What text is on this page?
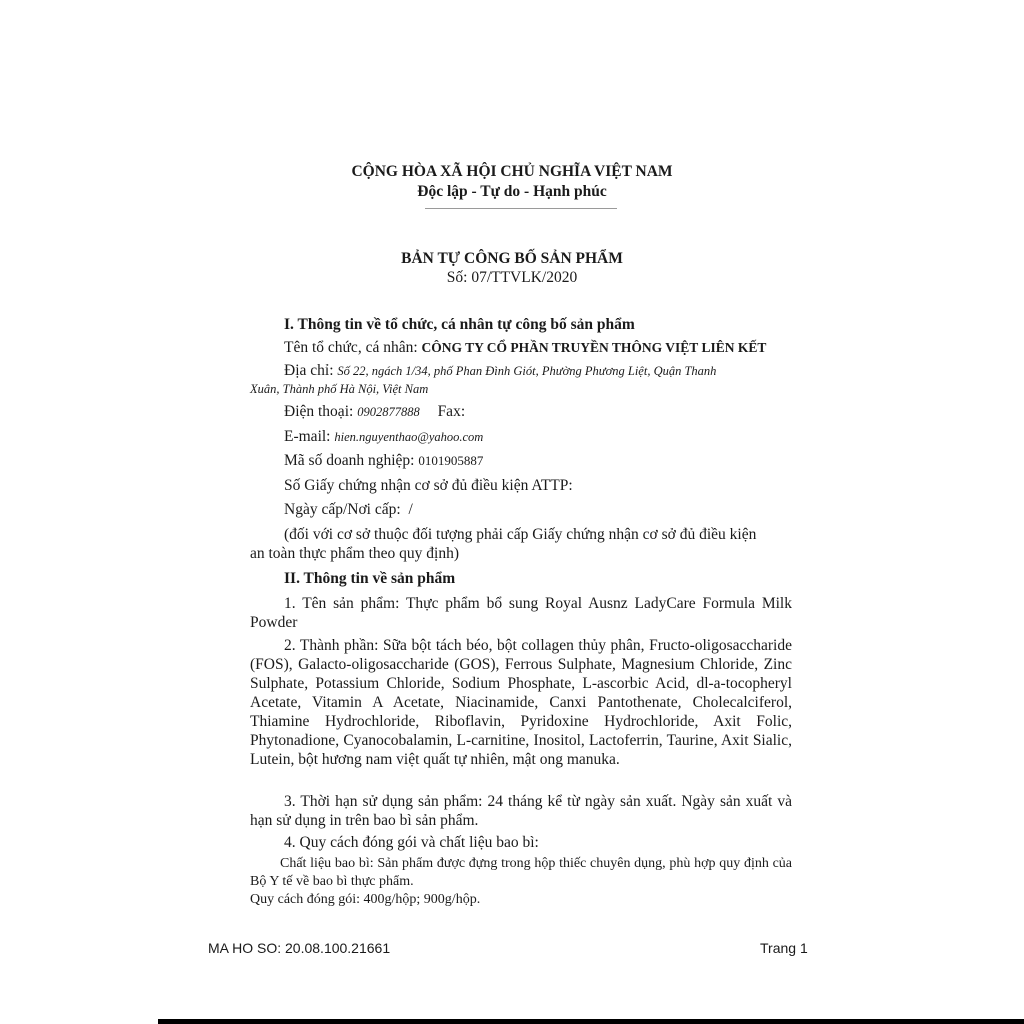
CỘNG HÒA XÃ HỘI CHỦ NGHĨA VIỆT NAM
Độc lập - Tự do - Hạnh phúc
BẢN TỰ CÔNG BỐ SẢN PHẨM
Số: 07/TTVLK/2020
I. Thông tin về tổ chức, cá nhân tự công bố sản phẩm
Tên tổ chức, cá nhân: CÔNG TY CỔ PHẦN TRUYỀN THÔNG VIỆT LIÊN KẾT
Địa chỉ: Số 22, ngách 1/34, phố Phan Đình Giót, Phường Phương Liệt, Quận Thanh
Xuân, Thành phố Hà Nội, Việt Nam
Điện thoại: 0902877888 Fax:
E-mail: hien.nguyenthao@yahoo.com
Mã số doanh nghiệp: 0101905887
Số Giấy chứng nhận cơ sở đủ điều kiện ATTP:
Ngày cấp/Nơi cấp: /
(đối với cơ sở thuộc đối tượng phải cấp Giấy chứng nhận cơ sở đủ điều kiện
an toàn thực phẩm theo quy định)
II. Thông tin về sản phẩm
1. Tên sản phẩm: Thực phẩm bổ sung Royal Ausnz LadyCare Formula Milk Powder
2. Thành phần: Sữa bột tách béo, bột collagen thủy phân, Fructo-oligosaccharide (FOS), Galacto-oligosaccharide (GOS), Ferrous Sulphate, Magnesium Chloride, Zinc Sulphate, Potassium Chloride, Sodium Phosphate, L-ascorbic Acid, dl-a-tocopheryl Acetate, Vitamin A Acetate, Niacinamide, Canxi Pantothenate, Cholecalciferol, Thiamine Hydrochloride, Riboflavin, Pyridoxine Hydrochloride, Axit Folic, Phytonadione, Cyanocobalamin, L-carnitine, Inositol, Lactoferrin, Taurine, Axit Sialic, Lutein, bột hương nam việt quất tự nhiên, mật ong manuka.
3. Thời hạn sử dụng sản phẩm: 24 tháng kể từ ngày sản xuất. Ngày sản xuất và hạn sử dụng in trên bao bì sản phẩm.
4. Quy cách đóng gói và chất liệu bao bì:
Chất liệu bao bì: Sản phẩm được đựng trong hộp thiếc chuyên dụng, phù hợp quy định của Bộ Y tế về bao bì thực phẩm.
Quy cách đóng gói: 400g/hộp; 900g/hộp.
MA HO SO: 20.08.100.21661	Trang 1
